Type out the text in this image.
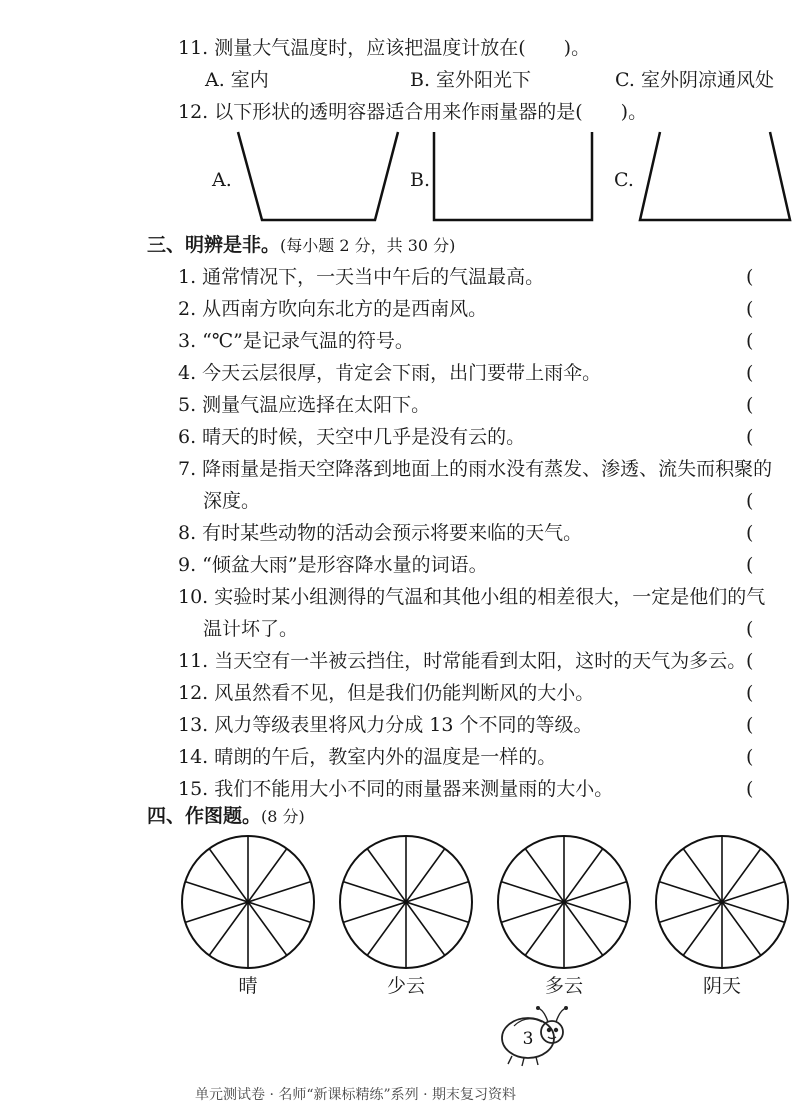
11. 测量大气温度时，应该把温度计放在(　　)。
A. 室内	B. 室外阳光下	C. 室外阴凉通风处
12. 以下形状的透明容器适合用来作雨量器的是(　　)。
A.	B.	C.
三、明辨是非。(每小题 2 分，共 30 分)
1. 通常情况下，一天当中午后的气温最高。	(
2. 从西南方吹向东北方的是西南风。	(
3. “℃”是记录气温的符号。	(
4. 今天云层很厚，肯定会下雨，出门要带上雨伞。	(
5. 测量气温应选择在太阳下。	(
6. 晴天的时候，天空中几乎是没有云的。	(
7. 降雨量是指天空降落到地面上的雨水没有蒸发、渗透、流失而积聚的
深度。	(
8. 有时某些动物的活动会预示将要来临的天气。	(
9. “倾盆大雨”是形容降水量的词语。	(
10. 实验时某小组测得的气温和其他小组的相差很大，一定是他们的气
温计坏了。	(
11. 当天空有一半被云挡住，时常能看到太阳，这时的天气为多云。 (
12. 风虽然看不见，但是我们仍能判断风的大小。	(
13. 风力等级表里将风力分成 13 个不同的等级。	(
14. 晴朗的午后，教室内外的温度是一样的。	(
15. 我们不能用大小不同的雨量器来测量雨的大小。	(
四、作图题。(8 分)
晴	少云	多云	阴天
3
单元测试卷 · 名师“新课标精练”系列 · 期末复习资料
